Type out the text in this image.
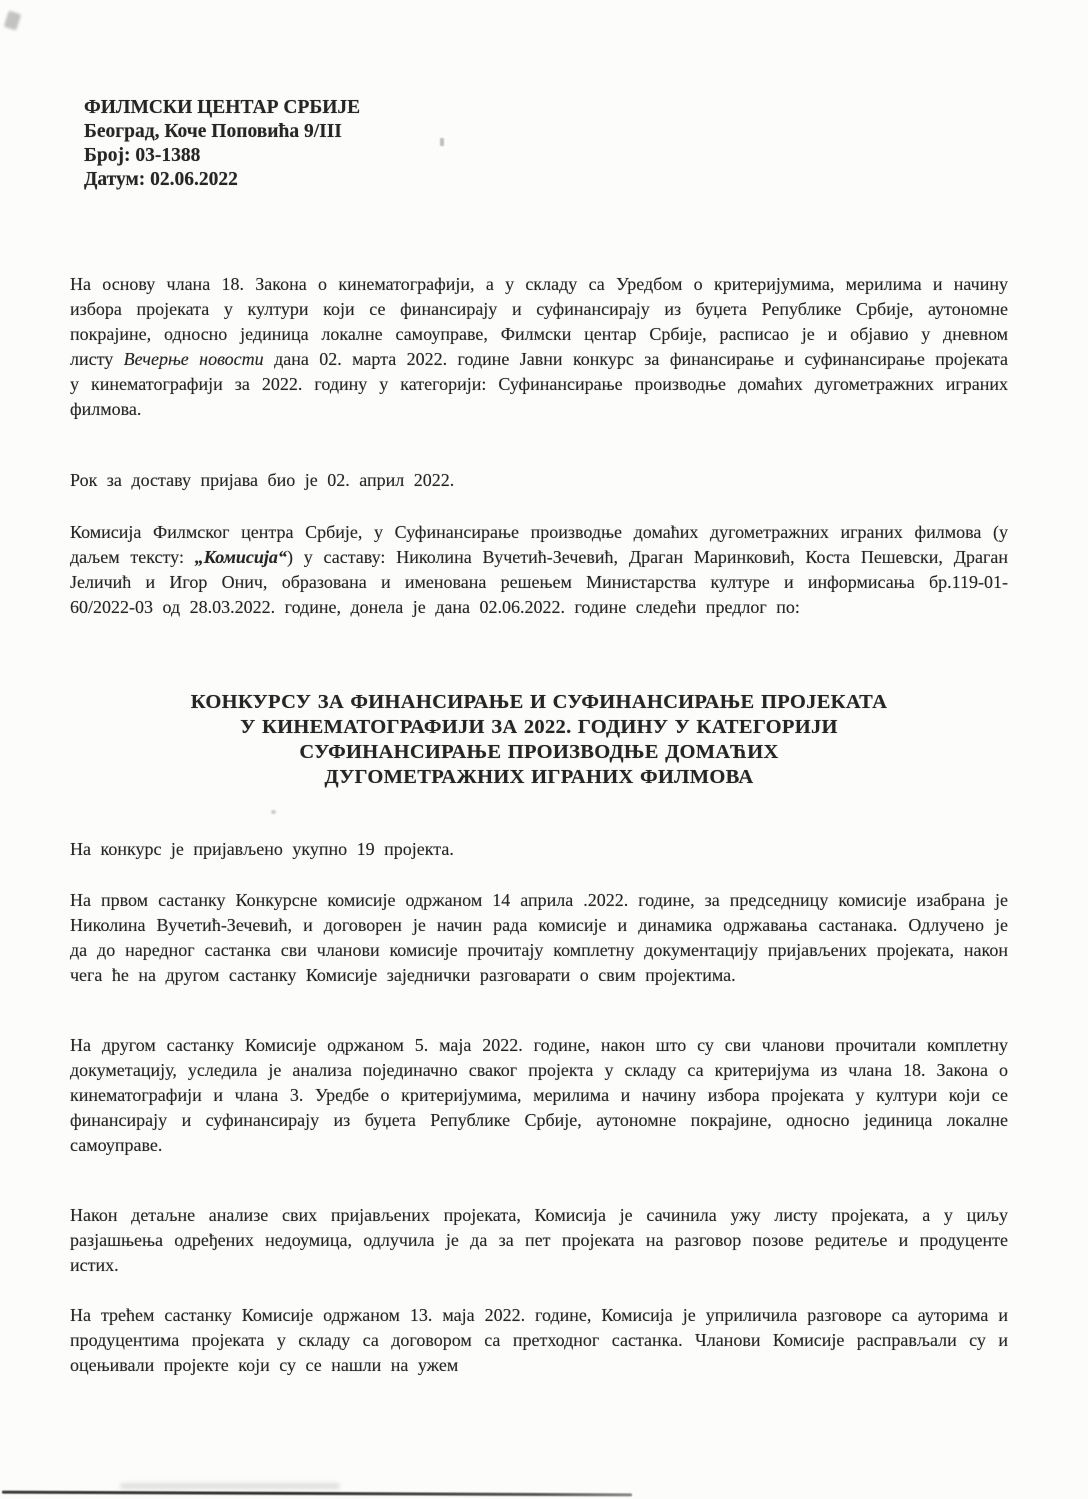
ФИЛМСКИ ЦЕНТАР СРБИЈЕ
Београд, Коче Поповића 9/III
Број: 03-1388
Датум: 02.06.2022

На основу члана 18. Закона о кинематографији, а у складу са Уредбом о критеријумима, мерилима и начину избора пројеката у култури који се финансирају и суфинансирају из буџета Републике Србије, аутономне покрајине, односно јединица локалне самоуправе, Филмски центар Србије, расписао је и објавио у дневном листу Вечерње новости дана 02. марта 2022. године Јавни конкурс за финансирање и суфинансирање пројеката у кинематографији за 2022. годину у категорији: Суфинансирање производње домаћих дугометражних играних филмова.

Рок за доставу пријава био је 02. април 2022.

Комисија Филмског центра Србије, у Суфинансирање производње домаћих дугометражних играних филмова (у даљем тексту: „Комисија“) у саставу: Николина Вучетић-Зечевић, Драган Маринковић, Коста Пешевски, Драган Јеличић и Игор Онич, образована и именована решењем Министарства културе и информисања бр.119-01-60/2022-03 од 28.03.2022. године, донела је дана 02.06.2022. године следећи предлог по:

КОНКУРСУ ЗА ФИНАНСИРАЊЕ И СУФИНАНСИРАЊЕ ПРОЈЕКАТА
У КИНЕМАТОГРАФИЈИ ЗА 2022. ГОДИНУ У КАТЕГОРИЈИ
СУФИНАНСИРАЊЕ ПРОИЗВОДЊЕ ДОМАЋИХ
ДУГОМЕТРАЖНИХ ИГРАНИХ ФИЛМОВА

На конкурс је пријављено укупно 19 пројекта.

На првом састанку Конкурсне комисије одржаном 14 априла .2022. године, за председницу комисије изабрана је Николина Вучетић-Зечевић, и договорен је начин рада комисије и динамика одржавања састанака. Одлучено је да до наредног састанка сви чланови комисије прочитају комплетну документацију пријављених пројеката, након чега ће на другом састанку Комисије заједнички разговарати о свим пројектима.

На другом састанку Комисије одржаном 5. маја 2022. године, након што су сви чланови прочитали комплетну докуметацију, уследила је анализа појединачно сваког пројекта у складу са критеријума из члана 18. Закона о кинематографији и члана 3. Уредбе о критеријумима, мерилима и начину избора пројеката у култури који се финансирају и суфинансирају из буџета Републике Србије, аутономне покрајине, односно јединица локалне самоуправе.

Након детаљне анализе свих пријављених пројеката, Комисија је сачинила ужу листу пројеката, а у циљу разјашњења одређених недоумица, одлучила је да за пет пројеката на разговор позове редитеље и продуценте истих.

На трећем састанку Комисије одржаном 13. маја 2022. године, Комисија је уприличила разговоре са ауторима и продуцентима пројеката у складу са договором са претходног састанка. Чланови Комисије расправљали су и оцењивали пројекте који су се нашли на ужем
